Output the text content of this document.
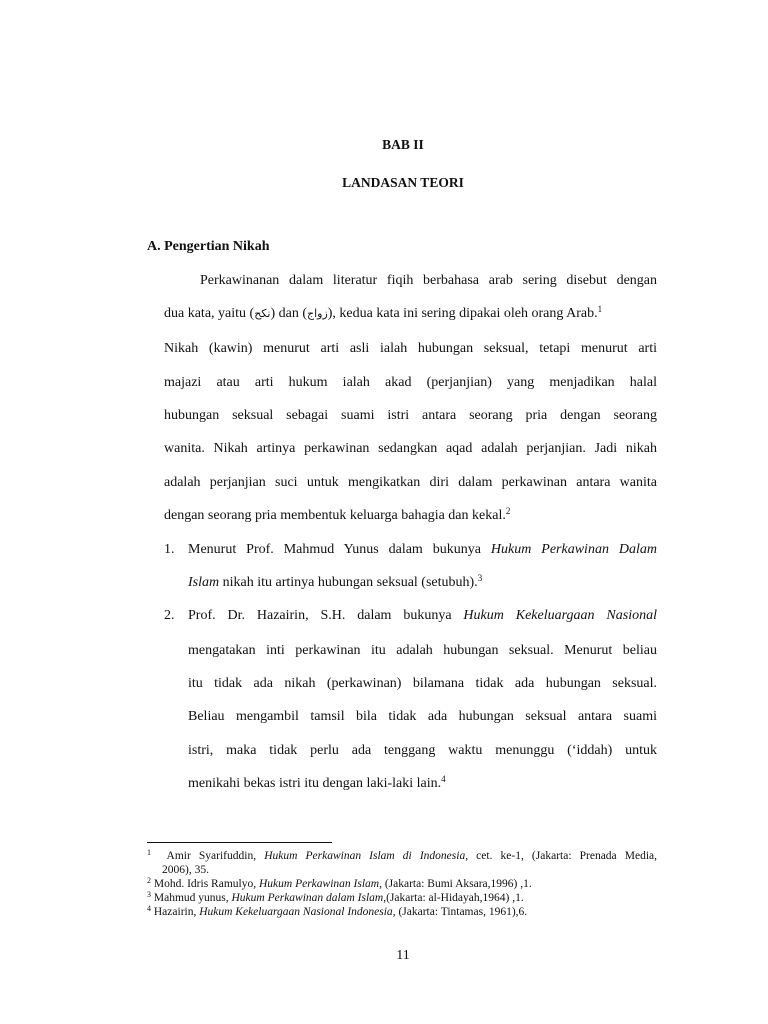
BAB II
LANDASAN TEORI
A. Pengertian Nikah
Perkawinanan dalam literatur fiqih berbahasa arab sering disebut dengan
dua kata, yaitu (نكح) dan (زواج), kedua kata ini sering dipakai oleh orang Arab.$^1$
Nikah (kawin) menurut arti asli ialah hubungan seksual, tetapi menurut arti
majazi atau arti hukum ialah akad (perjanjian) yang menjadikan halal
hubungan seksual sebagai suami istri antara seorang pria dengan seorang
wanita. Nikah artinya perkawinan sedangkan aqad adalah perjanjian. Jadi nikah
adalah perjanjian suci untuk mengikatkan diri dalam perkawinan antara wanita
dengan seorang pria membentuk keluarga bahagia dan kekal.$^2$
1. Menurut Prof. Mahmud Yunus dalam bukunya Hukum Perkawinan Dalam
Islam nikah itu artinya hubungan seksual (setubuh).$^3$
2. Prof. Dr. Hazairin, S.H. dalam bukunya Hukum Kekeluargaan Nasional
mengatakan inti perkawinan itu adalah hubungan seksual. Menurut beliau
itu tidak ada nikah (perkawinan) bilamana tidak ada hubungan seksual.
Beliau mengambil tamsil bila tidak ada hubungan seksual antara suami
istri, maka tidak perlu ada tenggang waktu menunggu (‘iddah) untuk
menikahi bekas istri itu dengan laki-laki lain.$^4$
$^1$ Amir Syarifuddin, Hukum Perkawinan Islam di Indonesia, cet. ke-1, (Jakarta: Prenada Media,
2006), 35.
$^2$ Mohd. Idris Ramulyo, Hukum Perkawinan Islam, (Jakarta: Bumi Aksara,1996) ,1.
$^3$ Mahmud yunus, Hukum Perkawinan dalam Islam,(Jakarta: al-Hidayah,1964) ,1.
$^4$ Hazairin, Hukum Kekeluargaan Nasional Indonesia, (Jakarta: Tintamas, 1961),6.
11
